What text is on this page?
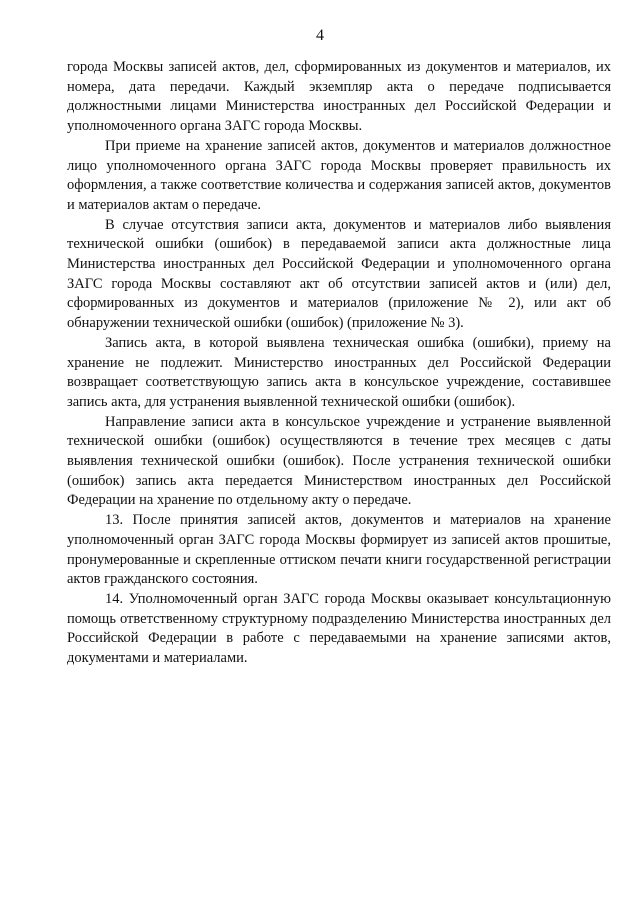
4

города Москвы записей актов, дел, сформированных из документов и материалов, их номера, дата передачи. Каждый экземпляр акта о передаче подписывается должностными лицами Министерства иностранных дел Российской Федерации и уполномоченного органа ЗАГС города Москвы.

При приеме на хранение записей актов, документов и материалов должностное лицо уполномоченного органа ЗАГС города Москвы проверяет правильность их оформления, а также соответствие количества и содержания записей актов, документов и материалов актам о передаче.

В случае отсутствия записи акта, документов и материалов либо выявления технической ошибки (ошибок) в передаваемой записи акта должностные лица Министерства иностранных дел Российской Федерации и уполномоченного органа ЗАГС города Москвы составляют акт об отсутствии записей актов и (или) дел, сформированных из документов и материалов (приложение № 2), или акт об обнаружении технической ошибки (ошибок) (приложение № 3).

Запись акта, в которой выявлена техническая ошибка (ошибки), приему на хранение не подлежит. Министерство иностранных дел Российской Федерации возвращает соответствующую запись акта в консульское учреждение, составившее запись акта, для устранения выявленной технической ошибки (ошибок).

Направление записи акта в консульское учреждение и устранение выявленной технической ошибки (ошибок) осуществляются в течение трех месяцев с даты выявления технической ошибки (ошибок). После устранения технической ошибки (ошибок) запись акта передается Министерством иностранных дел Российской Федерации на хранение по отдельному акту о передаче.

13. После принятия записей актов, документов и материалов на хранение уполномоченный орган ЗАГС города Москвы формирует из записей актов прошитые, пронумерованные и скрепленные оттиском печати книги государственной регистрации актов гражданского состояния.

14. Уполномоченный орган ЗАГС города Москвы оказывает консультационную помощь ответственному структурному подразделению Министерства иностранных дел Российской Федерации в работе с передаваемыми на хранение записями актов, документами и материалами.
